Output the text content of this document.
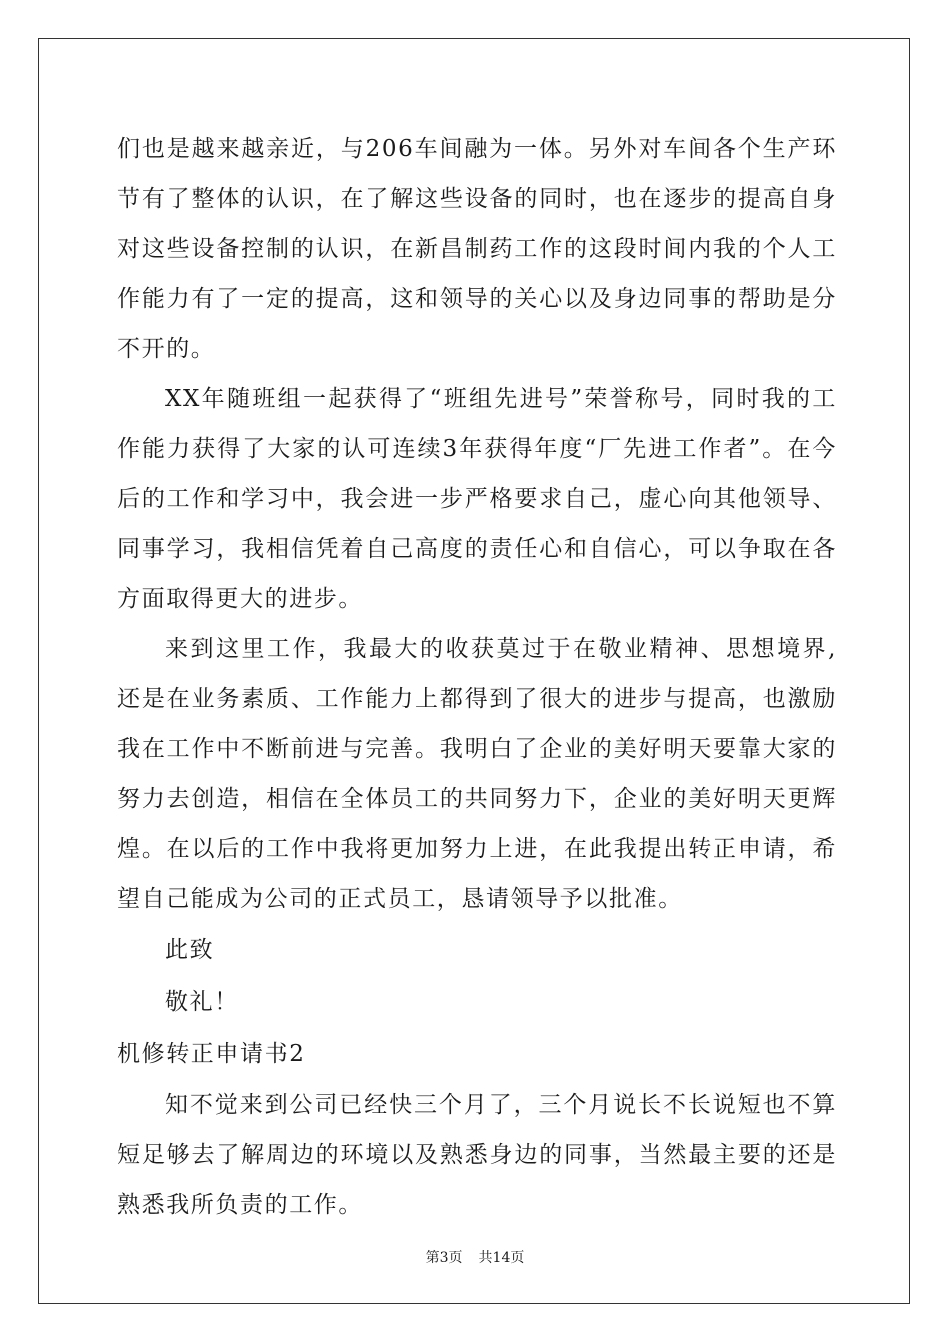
们也是越来越亲近，与206车间融为一体。另外对车间各个生产环节有了整体的认识，在了解这些设备的同时，也在逐步的提高自身对这些设备控制的认识，在新昌制药工作的这段时间内我的个人工作能力有了一定的提高，这和领导的关心以及身边同事的帮助是分不开的。

XX年随班组一起获得了“班组先进号”荣誉称号，同时我的工作能力获得了大家的认可连续3年获得年度“厂先进工作者”。在今后的工作和学习中，我会进一步严格要求自己，虚心向其他领导、同事学习，我相信凭着自己高度的责任心和自信心，可以争取在各方面取得更大的进步。

来到这里工作，我最大的收获莫过于在敬业精神、思想境界,还是在业务素质、工作能力上都得到了很大的进步与提高，也激励我在工作中不断前进与完善。我明白了企业的美好明天要靠大家的努力去创造，相信在全体员工的共同努力下，企业的美好明天更辉煌。在以后的工作中我将更加努力上进，在此我提出转正申请，希望自己能成为公司的正式员工，恳请领导予以批准。

此致

敬礼！

机修转正申请书2

知不觉来到公司已经快三个月了，三个月说长不长说短也不算短足够去了解周边的环境以及熟悉身边的同事，当然最主要的还是熟悉我所负责的工作。

第3页 共14页
